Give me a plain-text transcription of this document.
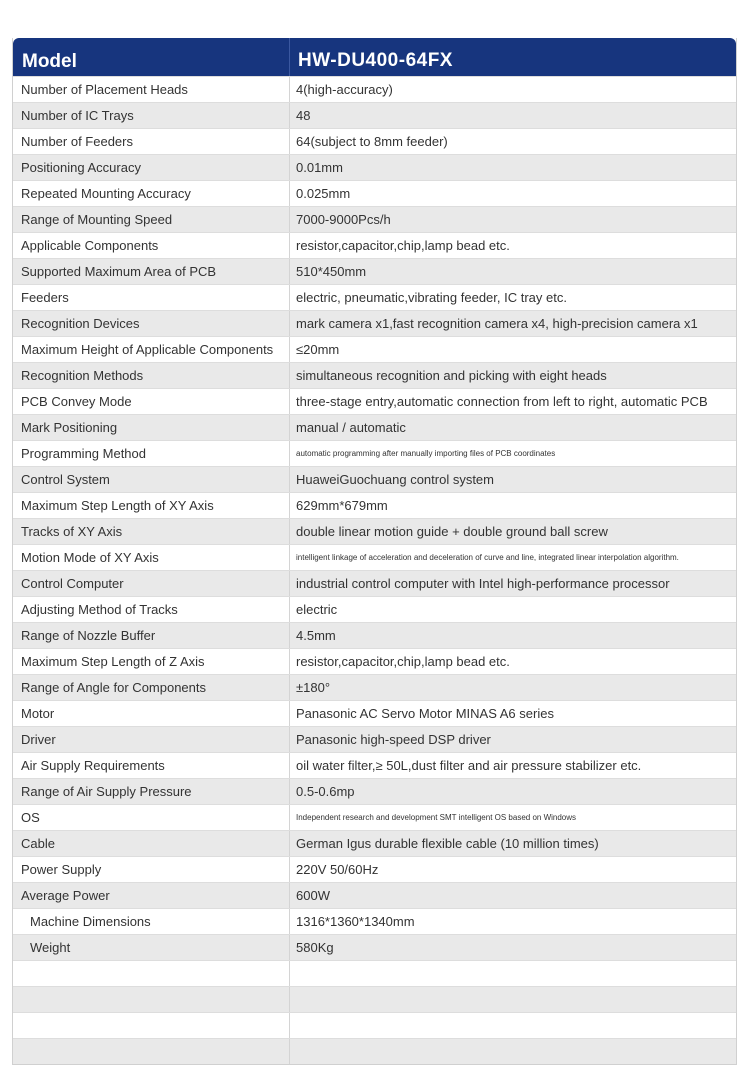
Model	HW-DU400-64FX
Number of Placement Heads	4(high-accuracy)
Number of IC Trays	48
Number of Feeders	64(subject to 8mm feeder)
Positioning Accuracy	0.01mm
Repeated Mounting Accuracy	0.025mm
Range of Mounting Speed	7000-9000Pcs/h
Applicable Components	resistor,capacitor,chip,lamp bead etc.
Supported Maximum Area of PCB	510*450mm
Feeders	electric, pneumatic,vibrating feeder, IC tray etc.
Recognition Devices	mark camera x1,fast recognition camera x4, high-precision camera x1
Maximum Height of Applicable Components	≤20mm
Recognition Methods	simultaneous recognition and picking with eight heads
PCB Convey Mode	three-stage entry,automatic connection from left to right, automatic PCB
Mark Positioning	manual / automatic
Programming Method	automatic programming after manually importing files of PCB coordinates
Control System	HuaweiGuochuang control system
Maximum Step Length of XY Axis	629mm*679mm
Tracks of XY Axis	double linear motion guide + double ground ball screw
Motion Mode of XY Axis	intelligent linkage of acceleration and deceleration of curve and line, integrated linear interpolation algorithm.
Control Computer	industrial control computer with Intel high-performance processor
Adjusting Method of Tracks	electric
Range of Nozzle Buffer	4.5mm
Maximum Step Length of Z Axis	resistor,capacitor,chip,lamp bead etc.
Range of Angle for Components	±180°
Motor	Panasonic AC Servo Motor MINAS A6 series
Driver	Panasonic high-speed DSP driver
Air Supply Requirements	oil water filter,≥ 50L,dust filter and air pressure stabilizer etc.
Range of Air Supply Pressure	0.5-0.6mp
OS	Independent research and development SMT intelligent OS based on Windows
Cable	German Igus durable flexible cable (10 million times)
Power Supply	220V 50/60Hz
Average Power	600W
Machine Dimensions	1316*1360*1340mm
Weight	580Kg
